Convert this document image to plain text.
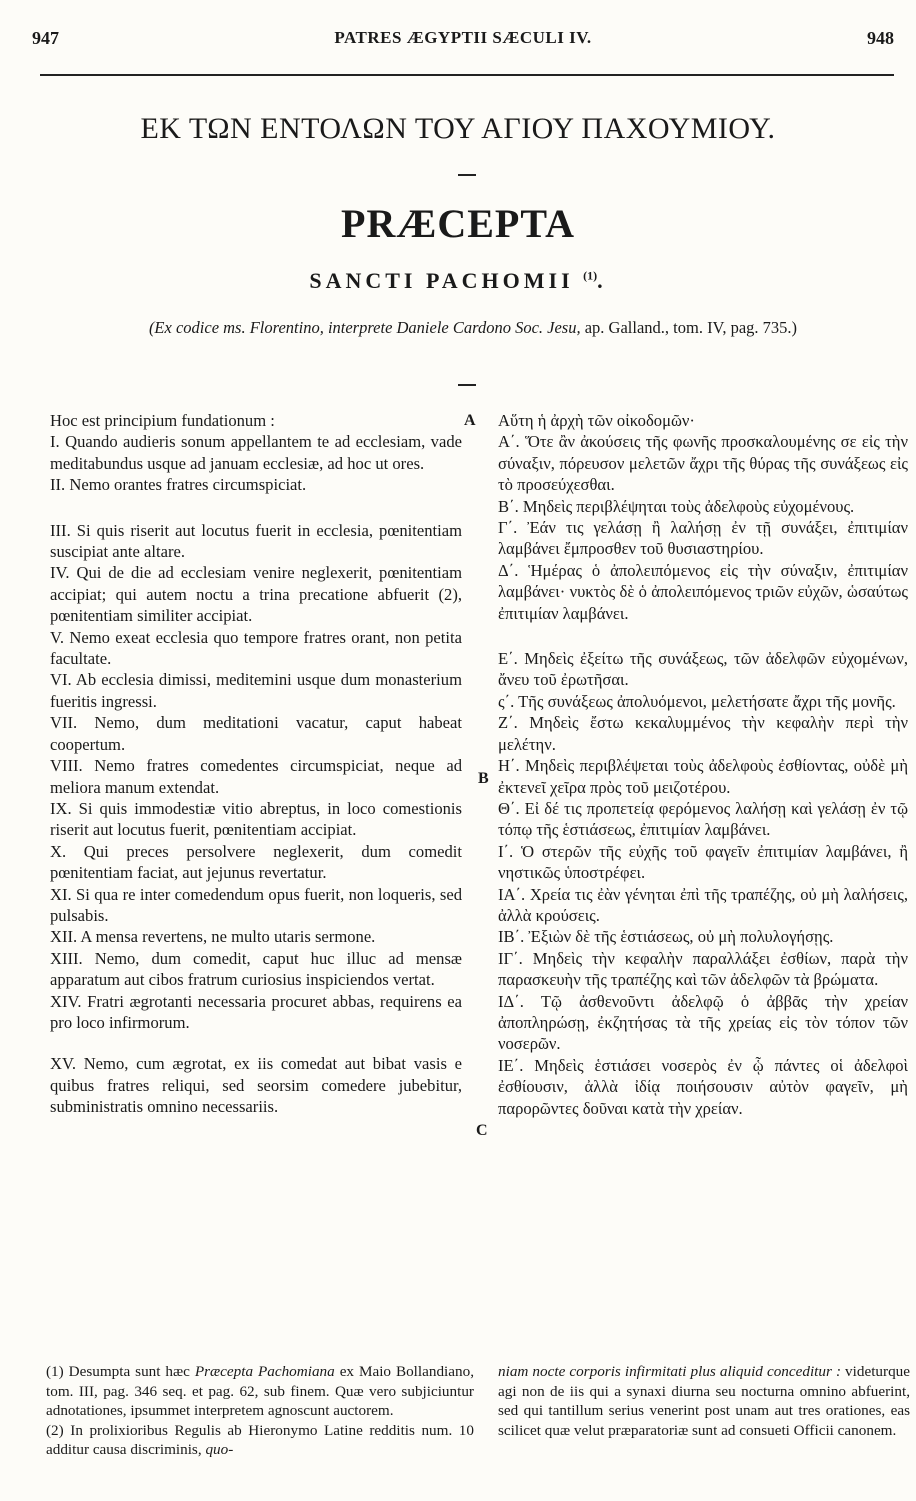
947	PATRES ÆGYPTII SÆCULI IV.	948
ΕΚ ΤΩΝ ΕΝΤΟΛΩΝ ΤΟΥ ΑΓΙΟΥ ΠΑΧΟΥΜΙΟΥ.
PRÆCEPTA
SANCTI PACHOMII $^{(1)}$.
(Ex codice ms. Florentino, interprete Daniele Cardono Soc. Jesu, ap. Galland., tom. IV, pag. 735.)
A
B
C

Hoc est principium fundationum :

I. Quando audieris sonum appellantem te ad ecclesiam, vade meditabundus usque ad januam ecclesiæ, ad hoc ut ores.

II. Nemo orantes fratres circumspiciat.

III. Si quis riserit aut locutus fuerit in ecclesia, pœnitentiam suscipiat ante altare.

IV. Qui de die ad ecclesiam venire neglexerit, pœnitentiam accipiat; qui autem noctu a trina precatione abfuerit (2), pœnitentiam similiter accipiat.

V. Nemo exeat ecclesia quo tempore fratres orant, non petita facultate.

VI. Ab ecclesia dimissi, meditemini usque dum monasterium fueritis ingressi.

VII. Nemo, dum meditationi vacatur, caput habeat coopertum.

VIII. Nemo fratres comedentes circumspiciat, neque ad meliora manum extendat.

IX. Si quis immodestiæ vitio abreptus, in loco comestionis riserit aut locutus fuerit, pœnitentiam accipiat.

X. Qui preces persolvere neglexerit, dum comedit pœnitentiam faciat, aut jejunus revertatur.

XI. Si qua re inter comedendum opus fuerit, non loqueris, sed pulsabis.

XII. A mensa revertens, ne multo utaris sermone.

XIII. Nemo, dum comedit, caput huc illuc ad mensæ apparatum aut cibos fratrum curiosius inspiciendos vertat.

XIV. Fratri ægrotanti necessaria procuret abbas, requirens ea pro loco infirmorum.

XV. Nemo, cum ægrotat, ex iis comedat aut bibat vasis e quibus fratres reliqui, sed seorsim comedere jubebitur, subministratis omnino necessariis.

Αὕτη ἡ ἀρχὴ τῶν οἰκοδομῶν·

Α΄. Ὅτε ἂν ἀκούσεις τῆς φωνῆς προσκαλουμένης σε εἰς τὴν σύναξιν, πόρευσον μελετῶν ἄχρι τῆς θύρας τῆς συνάξεως εἰς τὸ προσεύχεσθαι.

Β΄. Μηδεὶς περιβλέψηται τοὺς ἀδελφοὺς εὐχομένους.

Γ΄. Ἐάν τις γελάσῃ ἢ λαλήσῃ ἐν τῇ συνάξει, ἐπιτιμίαν λαμβάνει ἔμπροσθεν τοῦ θυσιαστηρίου.

Δ΄. Ἡμέρας ὁ ἀπολειπόμενος εἰς τὴν σύναξιν, ἐπιτιμίαν λαμβάνει· νυκτὸς δὲ ὁ ἀπολειπόμενος τριῶν εὐχῶν, ὡσαύτως ἐπιτιμίαν λαμβάνει.

Ε΄. Μηδεὶς ἐξείτω τῆς συνάξεως, τῶν ἀδελφῶν εὐχομένων, ἄνευ τοῦ ἐρωτῆσαι.

ς΄. Τῆς συνάξεως ἀπολυόμενοι, μελετήσατε ἄχρι τῆς μονῆς.

Ζ΄. Μηδεὶς ἔστω κεκαλυμμένος τὴν κεφαλὴν περὶ τὴν μελέτην.

Η΄. Μηδεὶς περιβλέψεται τοὺς ἀδελφοὺς ἐσθίοντας, οὐδὲ μὴ ἐκτενεῖ χεῖρα πρὸς τοῦ μειζοτέρου.

Θ΄. Εἰ δέ τις προπετείᾳ φερόμενος λαλήσῃ καὶ γελάσῃ ἐν τῷ τόπῳ τῆς ἑστιάσεως, ἐπιτιμίαν λαμβάνει.

Ι΄. Ὁ στερῶν τῆς εὐχῆς τοῦ φαγεῖν ἐπιτιμίαν λαμβάνει, ἢ νηστικῶς ὑποστρέφει.

ΙΑ΄. Χρεία τις ἐὰν γένηται ἐπὶ τῆς τραπέζης, οὐ μὴ λαλήσεις, ἀλλὰ κρούσεις.

ΙΒ΄. Ἐξιὼν δὲ τῆς ἑστιάσεως, οὐ μὴ πολυλογήσῃς.

ΙΓ΄. Μηδεὶς τὴν κεφαλὴν παραλλάξει ἐσθίων, παρὰ τὴν παρασκευὴν τῆς τραπέζης καὶ τῶν ἀδελφῶν τὰ βρώματα.

ΙΔ΄. Τῷ ἀσθενοῦντι ἀδελφῷ ὁ ἀββᾶς τὴν χρείαν ἀποπληρώσῃ, ἐκζητήσας τὰ τῆς χρείας εἰς τὸν τόπον τῶν νοσερῶν.

ΙΕ΄. Μηδεὶς ἑστιάσει νοσερὸς ἐν ᾧ πάντες οἱ ἀδελφοὶ ἐσθίουσιν, ἀλλὰ ἰδίᾳ ποιήσουσιν αὐτὸν φαγεῖν, μὴ παρορῶντες δοῦναι κατὰ τὴν χρείαν.

(1) Desumpta sunt hæc Præcepta Pachomiana ex Maio Bollandiano, tom. III, pag. 346 seq. et pag. 62, sub finem. Quæ vero subjiciuntur adnotationes, ipsummet interpretem agnoscunt auctorem.

(2) In prolixioribus Regulis ab Hieronymo Latine redditis num. 10 additur causa discriminis, quo-

niam nocte corporis infirmitati plus aliquid conceditur : videturque agi non de iis qui a synaxi diurna seu nocturna omnino abfuerint, sed qui tantillum serius venerint post unam aut tres orationes, eas scilicet quæ velut præparatoriæ sunt ad consueti Officii canonem.
